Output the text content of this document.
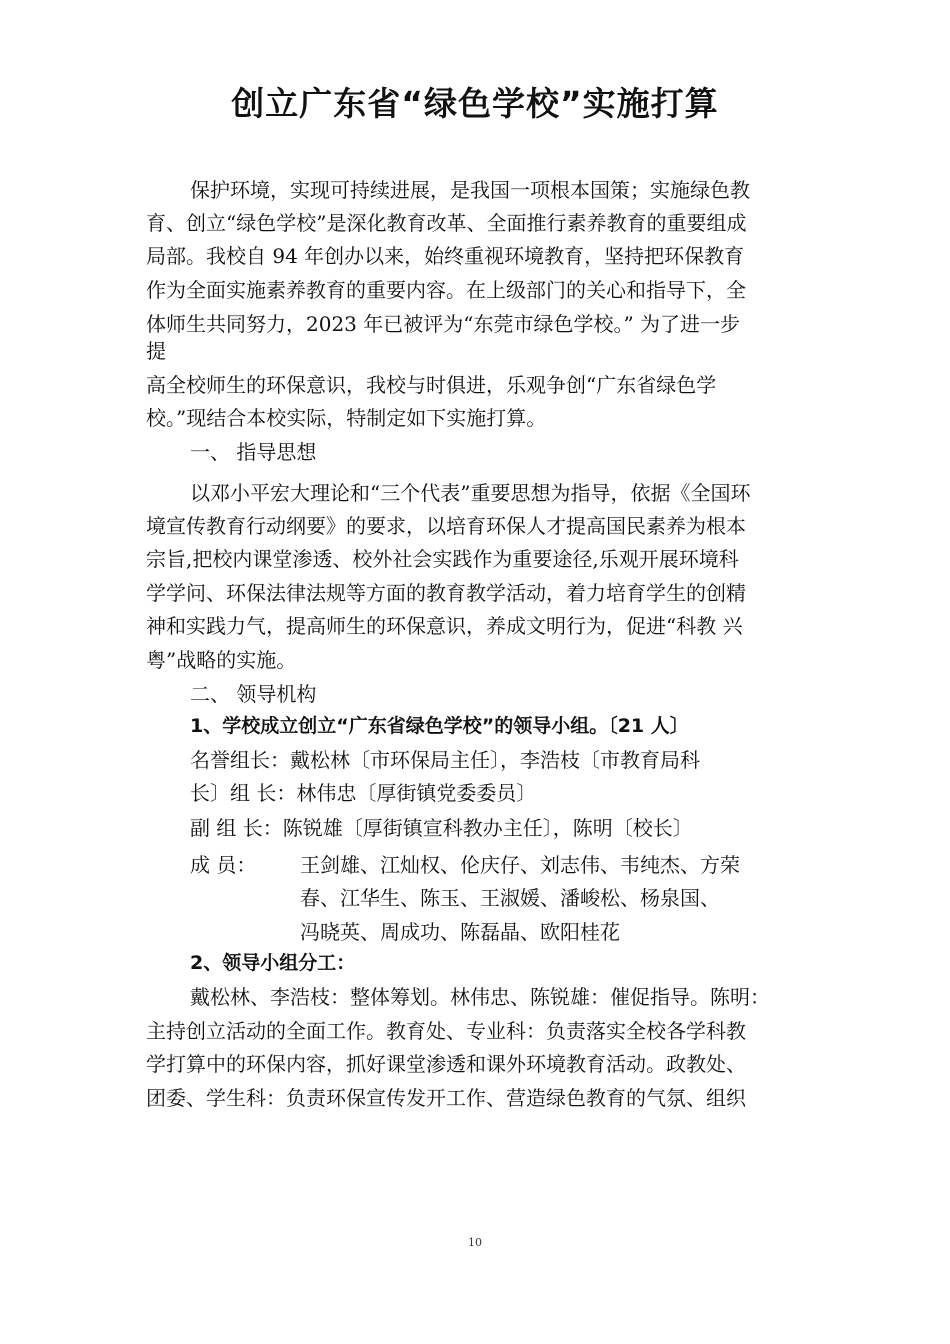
创立广东省“绿色学校”实施打算

保护环境，实现可持续进展，是我国一项根本国策；实施绿色教

育、创立“绿色学校”是深化教育改革、全面推行素养教育的重要组成

局部。我校自 94 年创办以来，始终重视环境教育，坚持把环保教育

作为全面实施素养教育的重要内容。在上级部门的关心和指导下，全

体师生共同努力，2023 年已被评为“东莞市绿色学校。” 为了进一步

提

高全校师生的环保意识，我校与时俱进，乐观争创“广东省绿色学

校。”现结合本校实际，特制定如下实施打算。

一、 指导思想

以邓小平宏大理论和“三个代表”重要思想为指导，依据《全国环

境宣传教育行动纲要》的要求，以培育环保人才提高国民素养为根本

宗旨,把校内课堂渗透、校外社会实践作为重要途径,乐观开展环境科

学学问、环保法律法规等方面的教育教学活动，着力培育学生的创精

神和实践力气，提高师生的环保意识，养成文明行为，促进“科教 兴

粤”战略的实施。

二、 领导机构

1、学校成立创立“广东省绿色学校”的领导小组。〔21 人〕

名誉组长：戴松林〔市环保局主任〕，李浩枝〔市教育局科

长〕组 长：林伟忠〔厚街镇党委委员〕

副 组 长：陈锐雄〔厚街镇宣科教办主任〕，陈明〔校长〕

成 员： 王剑雄、江灿权、伦庆仔、刘志伟、韦纯杰、方荣

春、江华生、陈玉、王淑媛、潘峻松、杨泉国、

冯晓英、周成功、陈磊晶、欧阳桂花

2、领导小组分工：

戴松林、李浩枝：整体筹划。林伟忠、陈锐雄：催促指导。陈明：

主持创立活动的全面工作。教育处、专业科：负责落实全校各学科教

学打算中的环保内容，抓好课堂渗透和课外环境教育活动。政教处、

团委、学生科：负责环保宣传发开工作、营造绿色教育的气氛、组织

10
